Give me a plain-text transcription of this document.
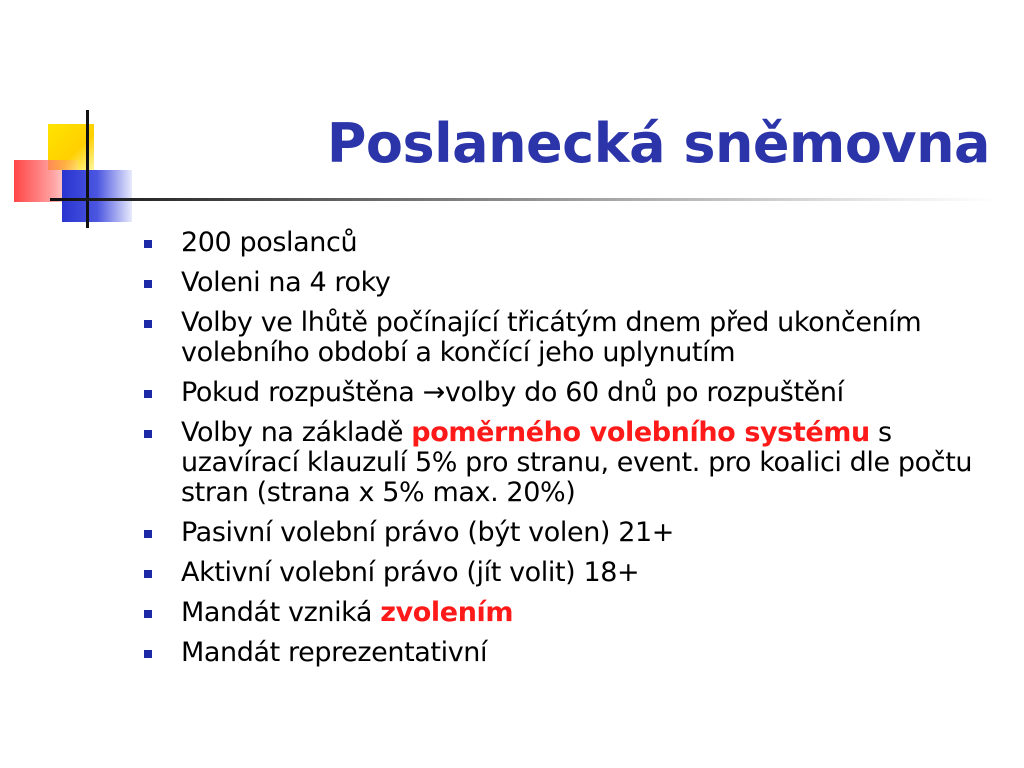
Poslanecká sněmovna
200 poslanců
Voleni na 4 roky
Volby ve lhůtě počínající třicátým dnem před ukončením volebního období a končící jeho uplynutím
Pokud rozpuštěna →volby do 60 dnů po rozpuštění
Volby na základě poměrného volebního systému s uzavírací klauzulí 5% pro stranu, event. pro koalici dle počtu stran (strana x 5% max. 20%)
Pasivní volební právo (být volen) 21+
Aktivní volební právo (jít volit) 18+
Mandát vzniká zvolením
Mandát reprezentativní
